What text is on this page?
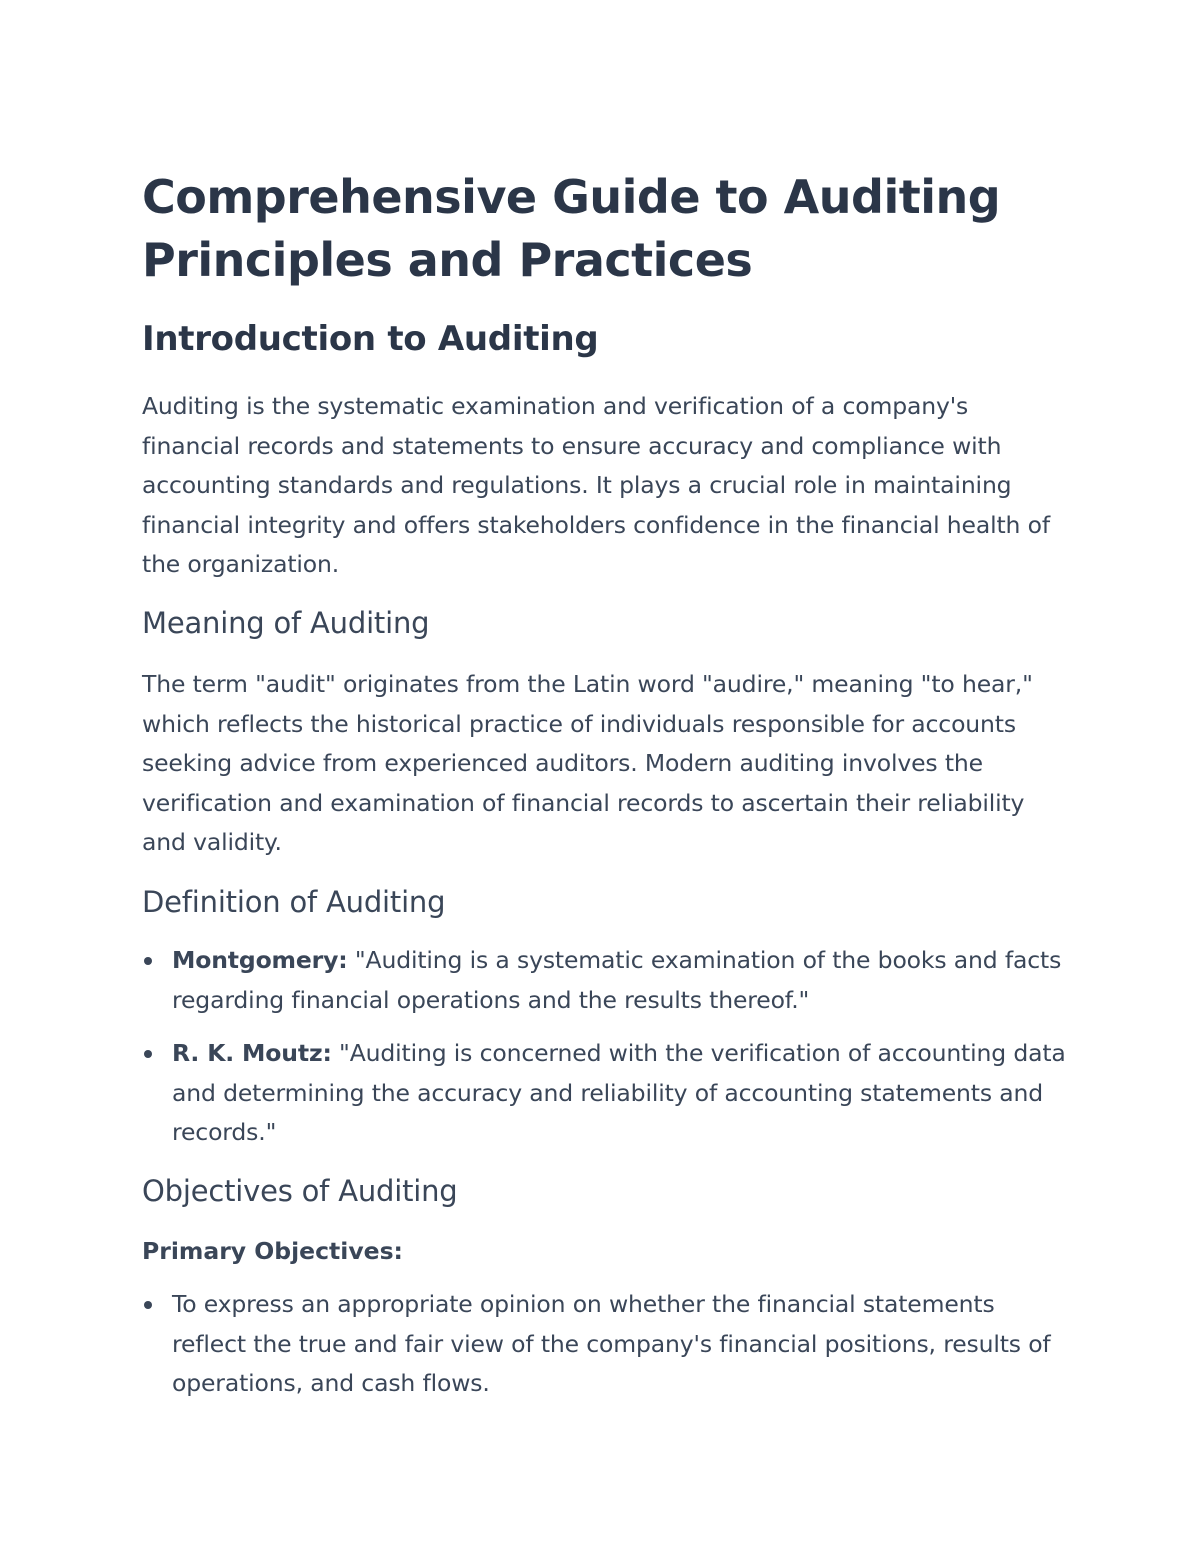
Comprehensive Guide to Auditing Principles and Practices
Introduction to Auditing

Auditing is the systematic examination and verification of a company's financial records and statements to ensure accuracy and compliance with accounting standards and regulations. It plays a crucial role in maintaining financial integrity and offers stakeholders confidence in the financial health of the organization.

Meaning of Auditing

The term "audit" originates from the Latin word "audire," meaning "to hear," which reflects the historical practice of individuals responsible for accounts seeking advice from experienced auditors. Modern auditing involves the verification and examination of financial records to ascertain their reliability and validity.

Definition of Auditing
Montgomery: "Auditing is a systematic examination of the books and facts regarding financial operations and the results thereof."
R. K. Moutz: "Auditing is concerned with the verification of accounting data and determining the accuracy and reliability of accounting statements and records."
Objectives of Auditing
Primary Objectives:
To express an appropriate opinion on whether the financial statements reflect the true and fair view of the company's financial positions, results of operations, and cash flows.
